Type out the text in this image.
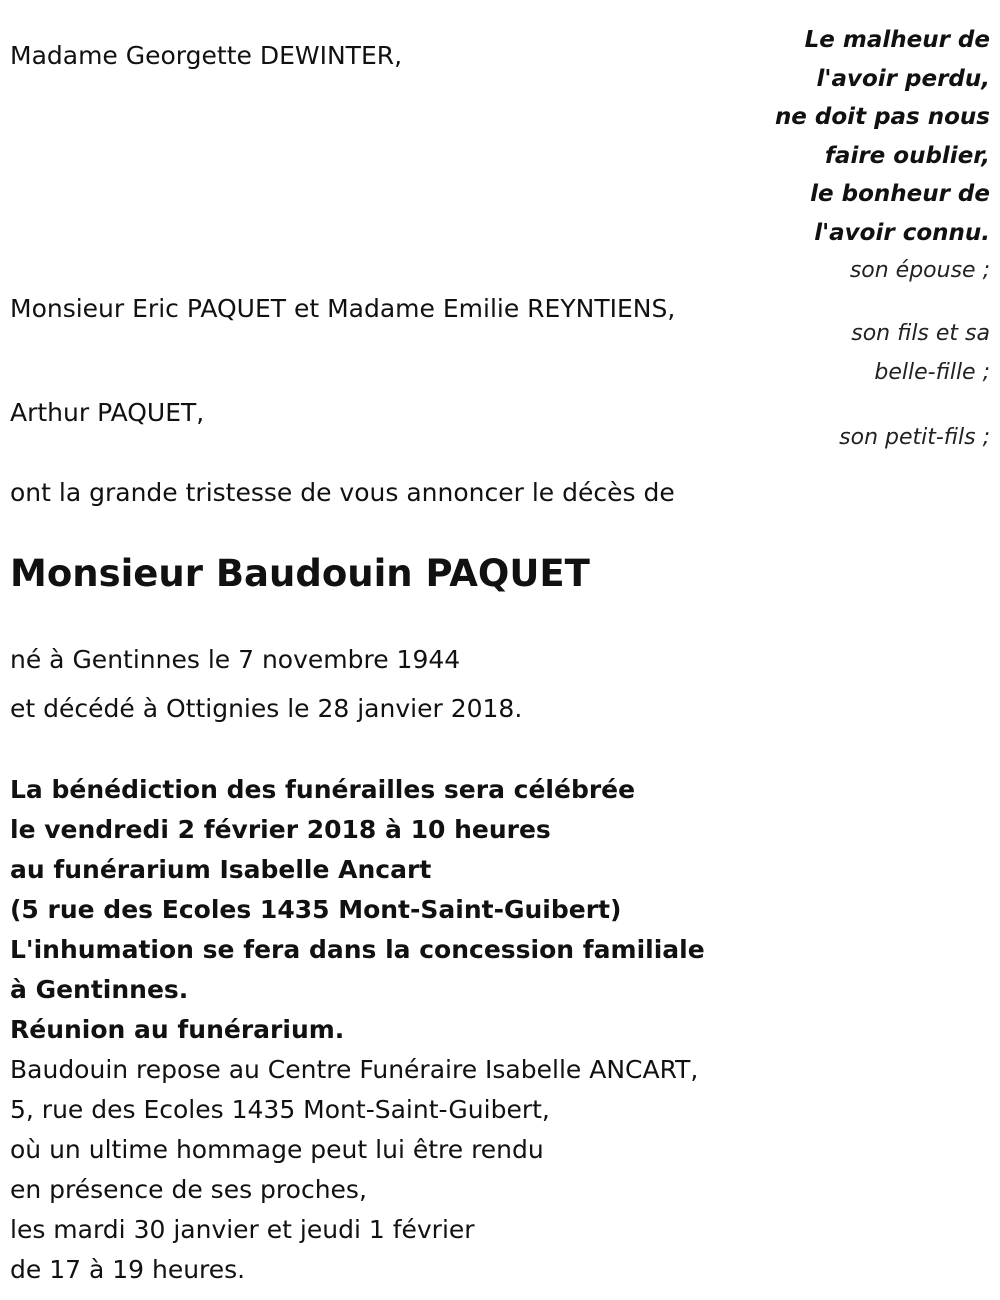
Le malheur de
l'avoir perdu,
ne doit pas nous
faire oublier,
le bonheur de
l'avoir connu.
Madame Georgette DEWINTER,
son épouse ;
Monsieur Eric PAQUET et Madame Emilie REYNTIENS,
son fils et sa
belle-fille ;
Arthur PAQUET,
son petit-fils ;
ont la grande tristesse de vous annoncer le décès de
Monsieur Baudouin PAQUET
né à Gentinnes le 7 novembre 1944
et décédé à Ottignies le 28 janvier 2018.
La bénédiction des funérailles sera célébrée
le vendredi 2 février 2018 à 10 heures
au funérarium Isabelle Ancart
(5 rue des Ecoles 1435 Mont-Saint-Guibert)
L'inhumation se fera dans la concession familiale
à Gentinnes.
Réunion au funérarium.
Baudouin repose au Centre Funéraire Isabelle ANCART,
5, rue des Ecoles 1435 Mont-Saint-Guibert,
où un ultime hommage peut lui être rendu
en présence de ses proches,
les mardi 30 janvier et jeudi 1 février
de 17 à 19 heures.
